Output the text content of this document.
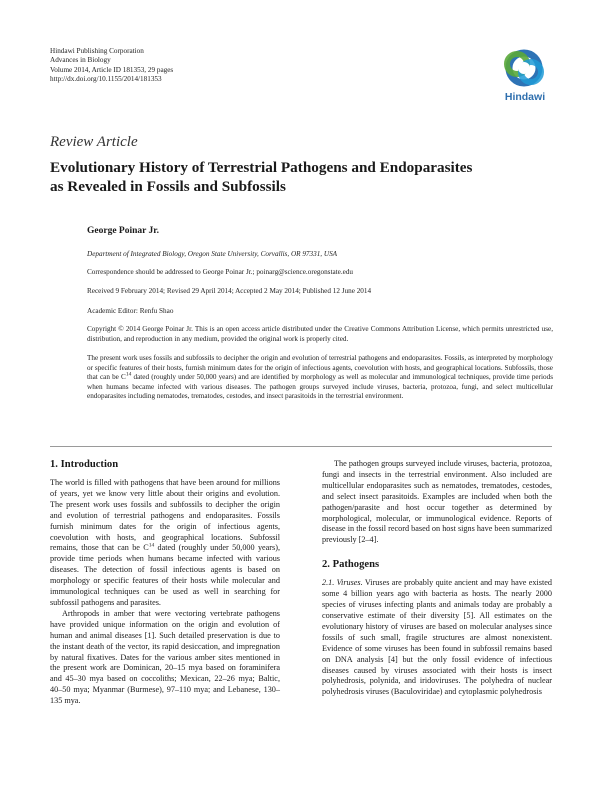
Hindawi Publishing Corporation
Advances in Biology
Volume 2014, Article ID 181353, 29 pages
http://dx.doi.org/10.1155/2014/181353
Hindawi
Review Article
Evolutionary History of Terrestrial Pathogens and Endoparasites
as Revealed in Fossils and Subfossils
George Poinar Jr.
Department of Integrated Biology, Oregon State University, Corvallis, OR 97331, USA
Correspondence should be addressed to George Poinar Jr.; poinarg@science.oregonstate.edu
Received 9 February 2014; Revised 29 April 2014; Accepted 2 May 2014; Published 12 June 2014
Academic Editor: Renfu Shao
Copyright © 2014 George Poinar Jr. This is an open access article distributed under the Creative Commons Attribution License, which permits unrestricted use, distribution, and reproduction in any medium, provided the original work is properly cited.
The present work uses fossils and subfossils to decipher the origin and evolution of terrestrial pathogens and endoparasites. Fossils, as interpreted by morphology or specific features of their hosts, furnish minimum dates for the origin of infectious agents, coevolution with hosts, and geographical locations. Subfossils, those that can be $C^{14}$ dated (roughly under 50,000 years) and are identified by morphology as well as molecular and immunological techniques, provide time periods when humans became infected with various diseases. The pathogen groups surveyed include viruses, bacteria, protozoa, fungi, and select multicellular endoparasites including nematodes, trematodes, cestodes, and insect parasitoids in the terrestrial environment.
1. Introduction

The world is filled with pathogens that have been around for millions of years, yet we know very little about their origins and evolution. The present work uses fossils and subfossils to decipher the origin and evolution of terrestrial pathogens and endoparasites. Fossils furnish minimum dates for the origin of infectious agents, coevolution with hosts, and geographical locations. Subfossil remains, those that can be $C^{14}$ dated (roughly under 50,000 years), provide time periods when humans became infected with various diseases. The detection of fossil infectious agents is based on morphology or specific features of their hosts while molecular and immunological techniques can be used as well in searching for subfossil pathogens and parasites.

Arthropods in amber that were vectoring vertebrate pathogens have provided unique information on the origin and evolution of human and animal diseases [1]. Such detailed preservation is due to the instant death of the vector, its rapid desiccation, and impregnation by natural fixatives. Dates for the various amber sites mentioned in the present work are Dominican, 20–15 mya based on foraminifera and 45–30 mya based on coccoliths; Mexican, 22–26 mya; Baltic, 40–50 mya; Myanmar (Burmese), 97–110 mya; and Lebanese, 130–135 mya.

The pathogen groups surveyed include viruses, bacteria, protozoa, fungi and insects in the terrestrial environment. Also included are multicellular endoparasites such as nematodes, trematodes, cestodes, and select insect parasitoids. Examples are included when both the pathogen/parasite and host occur together as determined by morphological, molecular, or immunological evidence. Reports of disease in the fossil record based on host signs have been summarized previously [2–4].

2. Pathogens

2.1. Viruses. Viruses are probably quite ancient and may have existed some 4 billion years ago with bacteria as hosts. The nearly 2000 species of viruses infecting plants and animals today are probably a conservative estimate of their diversity [5]. All estimates on the evolutionary history of viruses are based on molecular analyses since fossils of such small, fragile structures are almost nonexistent. Evidence of some viruses has been found in subfossil remains based on DNA analysis [4] but the only fossil evidence of infectious diseases caused by viruses associated with their hosts is insect polyhedrosis, polynida, and iridoviruses. The polyhedra of nuclear polyhedrosis viruses (Baculoviridae) and cytoplasmic polyhedrosis
